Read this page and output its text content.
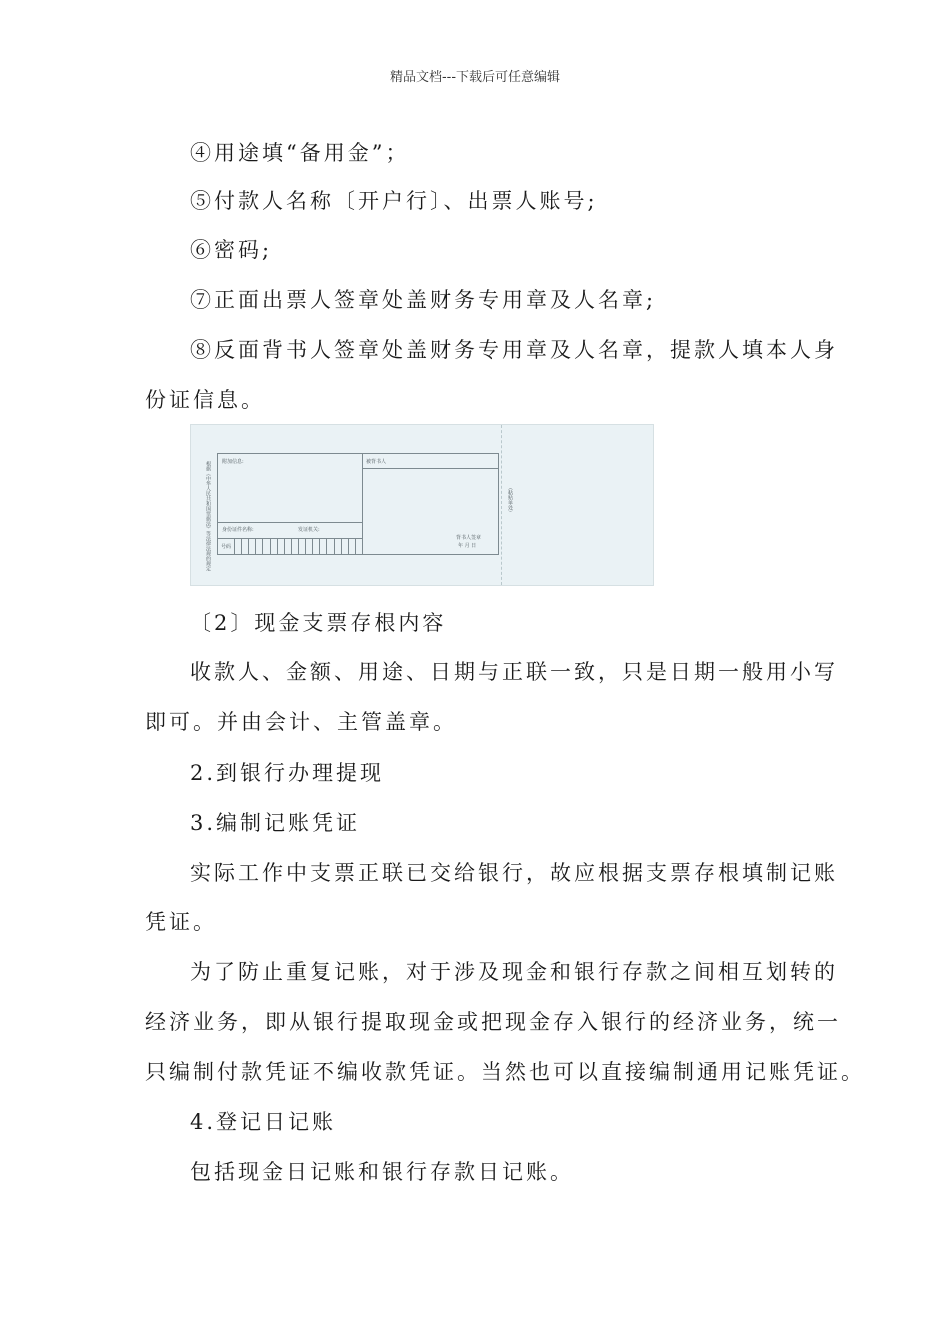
精品文档---下载后可任意编辑
④用途填“备用金”；
⑤付款人名称〔开户行〕、出票人账号;
⑥密码;
⑦正面出票人签章处盖财务专用章及人名章;
⑧反面背书人签章处盖财务专用章及人名章，提款人填本人身
份证信息。
根据《中华人民共和国票据法》等法律法规的规定 附加信息:
身份证件名称:	发证机关:
号码
被背书人
背书人签章
年 月 日
（粘贴单处）
〔2〕现金支票存根内容
收款人、金额、用途、日期与正联一致，只是日期一般用小写
即可。并由会计、主管盖章。
2.到银行办理提现
3.编制记账凭证
实际工作中支票正联已交给银行，故应根据支票存根填制记账
凭证。
为了防止重复记账，对于涉及现金和银行存款之间相互划转的
经济业务，即从银行提取现金或把现金存入银行的经济业务，统一
只编制付款凭证不编收款凭证。当然也可以直接编制通用记账凭证。
4.登记日记账
包括现金日记账和银行存款日记账。
